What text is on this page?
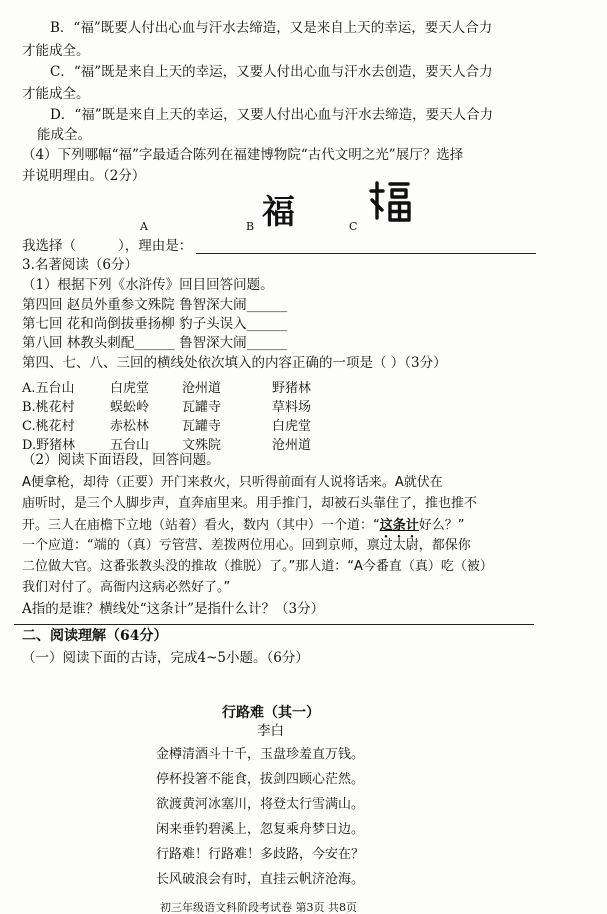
B．“福”既要人付出心血与汗水去缔造，又是来自上天的幸运，要天人合力
才能成全。
C．“福”既是来自上天的幸运，又要人付出心血与汗水去创造，要天人合力
才能成全。
D．“福”既是来自上天的幸运，又要人付出心血与汗水去缔造，要天人合力
能成全。
（4）下列哪幅“福”字最适合陈列在福建博物院“古代文明之光”展厅？选择
并说明理由。（2分）
福
A	B	C
我选择（	），理由是：
3.名著阅读（6分）
（1）根据下列《水浒传》回目回答问题。
第四回 赵员外重参文殊院 鲁智深大闹______
第七回 花和尚倒拔垂扬柳 豹子头误入______
第八回 林教头刺配______ 鲁智深大闹______
第四、七、八、三回的横线处依次填入的内容正确的一项是（ ）（3分）
A.五台山	白虎堂	沧州道	野猪林
B.桃花村	蜈蚣岭	瓦罐寺	草料场
C.桃花村	赤松林	瓦罐寺	白虎堂
D.野猪林	五台山	文殊院	沧州道
（2）阅读下面语段，回答问题。
A便拿枪，却待（正要）开门来救火，只听得前面有人说将话来。A就伏在
庙听时，是三个人脚步声，直奔庙里来。用手推门，却被石头靠住了，推也推不
开。三人在庙檐下立地（站着）看火，数内（其中）一个道：“这条计好么？”
一个应道：“端的（真）亏管营、差拨两位用心。回到京师，禀过太尉，都保你
二位做大官。这番张教头没的推故（推脱）了。”那人道：“A今番直（真）吃（被）
我们对付了。高衙内这病必然好了。”
A指的是谁？横线处“这条计”是指什么计？（3分）
二、阅读理解（64分）
（一）阅读下面的古诗，完成4~5小题。（6分）
行路难（其一）
李白
金樽清酒斗十千，玉盘珍羞直万钱。
停杯投箸不能食，拔剑四顾心茫然。
欲渡黄河冰塞川，将登太行雪满山。
闲来垂钓碧溪上，忽复乘舟梦日边。
行路难！行路难！多歧路，今安在？
长风破浪会有时，直挂云帆济沧海。
初三年级语文科阶段考试卷 第3页 共8页
